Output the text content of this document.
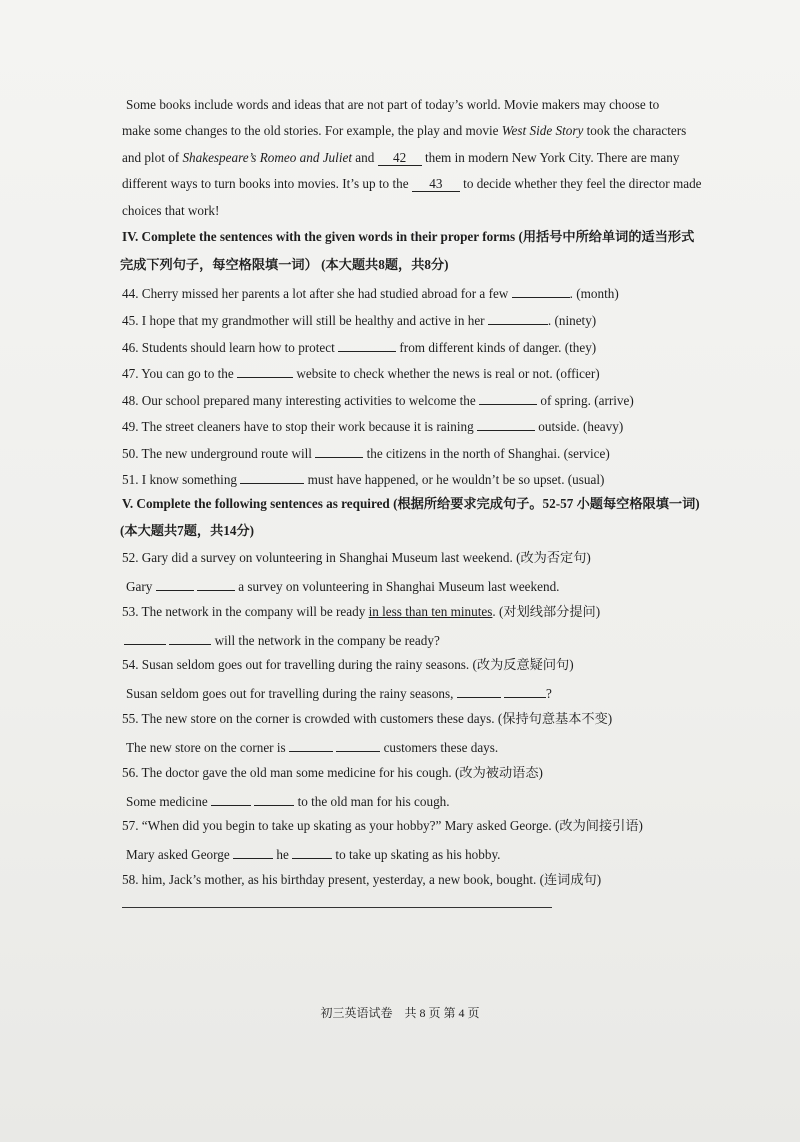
Some books include words and ideas that are not part of today’s world. Movie makers may choose to
make some changes to the old stories. For example, the play and movie West Side Story took the characters
and plot of Shakespeare’s Romeo and Juliet and 42 them in modern New York City. There are many
different ways to turn books into movies. It’s up to the 43 to decide whether they feel the director made
choices that work!
IV. Complete the sentences with the given words in their proper forms (用括号中所给单词的适当形式
完成下列句子，每空格限填一词） (本大题共8题，共8分)
44. Cherry missed her parents a lot after she had studied abroad for a few	. (month)
45. I hope that my grandmother will still be healthy and active in her	. (ninety)
46. Students should learn how to protect	from different kinds of danger. (they)
47. You can go to the	website to check whether the news is real or not. (officer)
48. Our school prepared many interesting activities to welcome the	of spring. (arrive)
49. The street cleaners have to stop their work because it is raining	outside. (heavy)
50. The new underground route will	the citizens in the north of Shanghai. (service)
51. I know something	must have happened, or he wouldn’t be so upset. (usual)
V. Complete the following sentences as required (根据所给要求完成句子。52-57 小题每空格限填一词)
(本大题共7题，共14分)
52. Gary did a survey on volunteering in Shanghai Museum last weekend. (改为否定句)
Gary	a survey on volunteering in Shanghai Museum last weekend.
53. The network in the company will be ready in less than ten minutes. (对划线部分提问)
will the network in the company be ready?
54. Susan seldom goes out for travelling during the rainy seasons. (改为反意疑问句)
Susan seldom goes out for travelling during the rainy seasons,	?
55. The new store on the corner is crowded with customers these days. (保持句意基本不变)
The new store on the corner is	customers these days.
56. The doctor gave the old man some medicine for his cough. (改为被动语态)
Some medicine	to the old man for his cough.
57. “When did you begin to take up skating as your hobby?” Mary asked George. (改为间接引语)
Mary asked George	he	to take up skating as his hobby.
58. him, Jack’s mother, as his birthday present, yesterday, a new book, bought. (连词成句)
初三英语试卷　共 8 页 第 4 页
